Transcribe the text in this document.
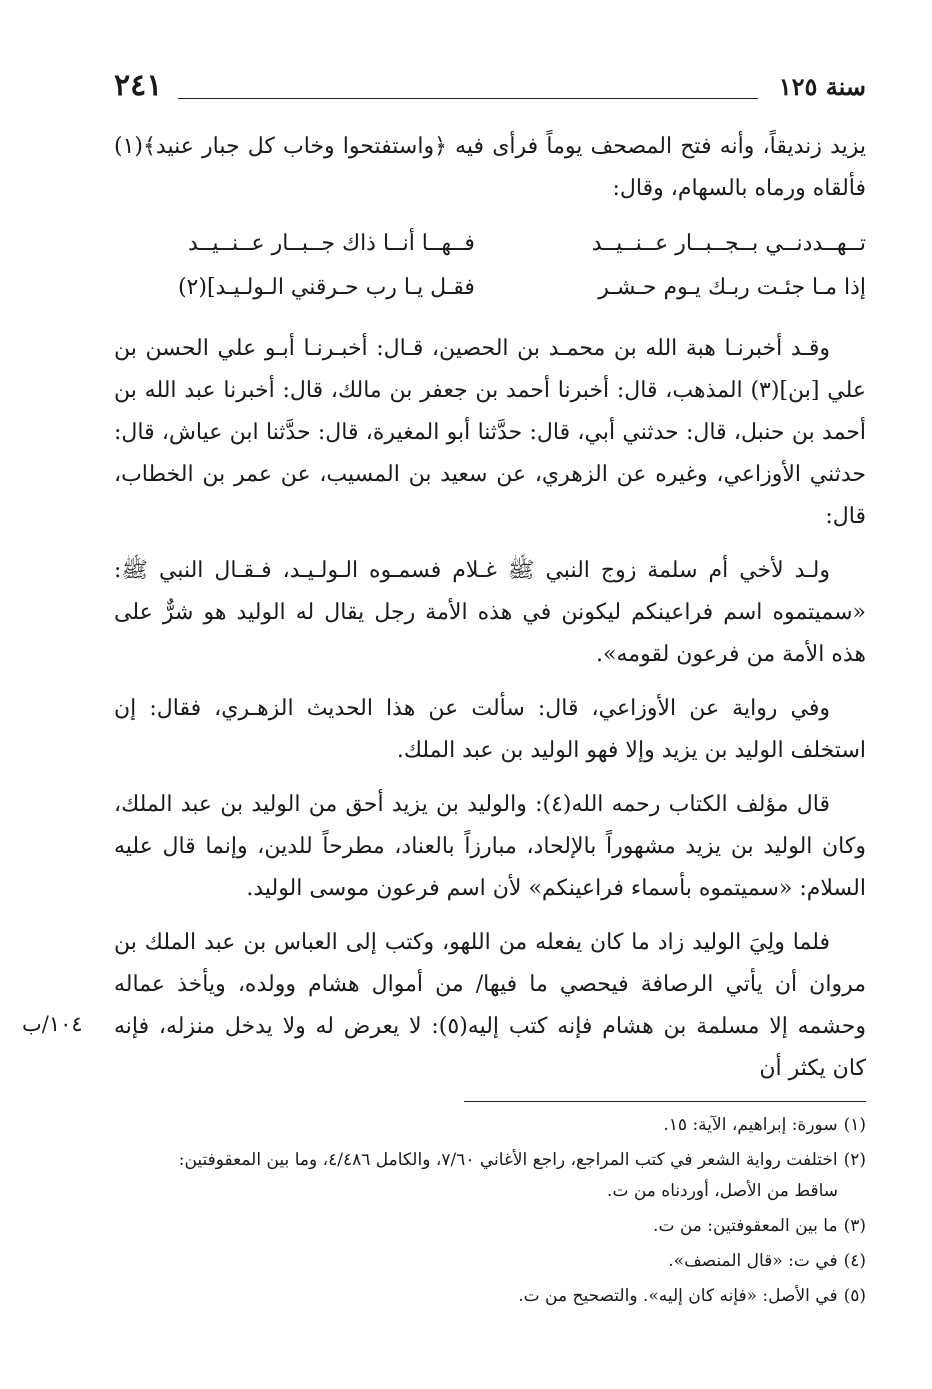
٢٤١	سنة ١٢٥

يزيد زنديقاً، وأنه فتح المصحف يوماً فرأى فيه ﴿واستفتحوا وخاب كل جبار عنيد﴾(١) فألقاه ورماه بالسهام، وقال:

تــهــددنــي بــجــبــار عــنــيــد
فــهــا أنــا ذاك جــبــار عــنــيــد
إذا مـا جئـت ربـك يـوم حـشـر
فقـل يـا رب حـرقني الـولـيـد](٢)

وقـد أخبرنـا هبة الله بن محمـد بن الحصين، قـال: أخبـرنـا أبـو علي الحسن بن علي [بن](٣) المذهب، قال: أخبرنا أحمد بن جعفر بن مالك، قال: أخبرنا عبد الله بن أحمد بن حنبل، قال: حدثني أبي، قال: حدَّثنا أبو المغيرة، قال: حدَّثنا ابن عياش، قال: حدثني الأوزاعي، وغيره عن الزهري، عن سعيد بن المسيب، عن عمر بن الخطاب، قال:

ولـد لأخي أم سلمة زوج النبي ﷺ غـلام فسمـوه الـولـيـد، فـقـال النبي ﷺ: «سميتموه اسم فراعينكم ليكونن في هذه الأمة رجل يقال له الوليد هو شرٌّ على هذه الأمة من فرعون لقومه».

وفي رواية عن الأوزاعي، قال: سألت عن هذا الحديث الزهـري، فقال: إن استخلف الوليد بن يزيد وإلا فهو الوليد بن عبد الملك.

قال مؤلف الكتاب رحمه الله(٤): والوليد بن يزيد أحق من الوليد بن عبد الملك، وكان الوليد بن يزيد مشهوراً بالإلحاد، مبارزاً بالعناد، مطرحاً للدين، وإنما قال عليه السلام: «سميتموه بأسماء فراعينكم» لأن اسم فرعون موسى الوليد.

فلما ولِيَ الوليد زاد ما كان يفعله من اللهو، وكتب إلى العباس بن عبد الملك بن مروان أن يأتي الرصافة فيحصي ما فيها/ من أموال هشام وولده، ويأخذ عماله وحشمه إلا مسلمة بن هشام فإنه كتب إليه(٥): لا يعرض له ولا يدخل منزله، فإنه كان يكثر أن

١٠٤/ب
(١)سورة: إبراهيم، الآية: ١٥.
(٢)اختلفت رواية الشعر في كتب المراجع، راجع الأغاني ٧/٦٠، والكامل ٤/٤٨٦، وما بين المعقوفتين:
ساقط من الأصل، أوردناه من ت.
(٣)ما بين المعقوفتين: من ت.
(٤)في ت: «قال المنصف».
(٥)في الأصل: «فإنه كان إليه». والتصحيح من ت.
